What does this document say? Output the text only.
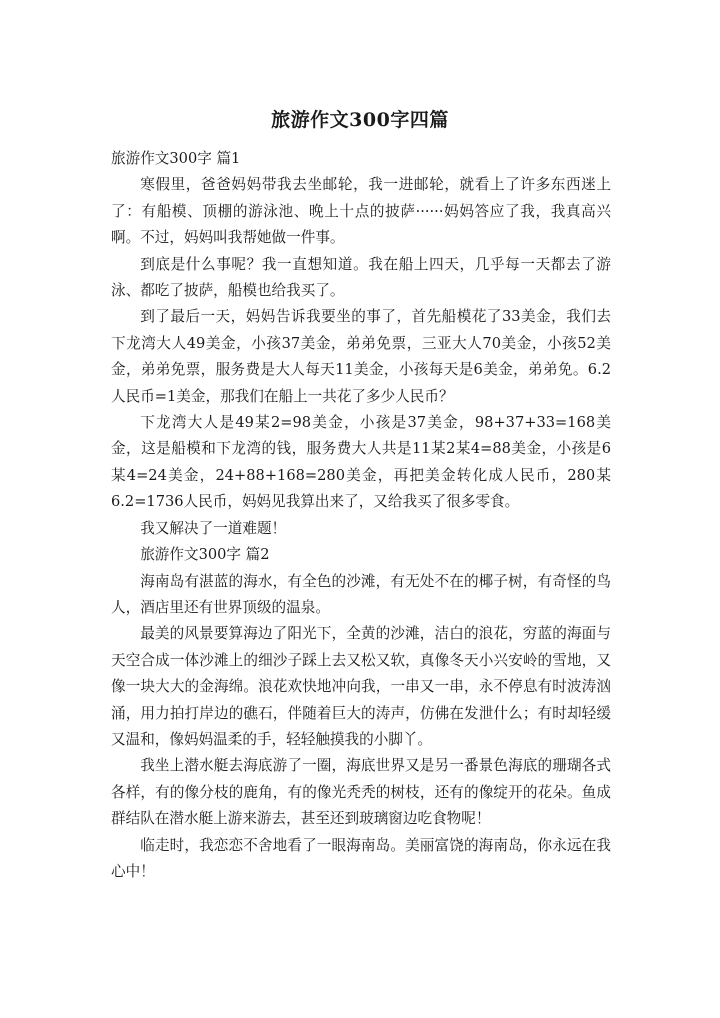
旅游作文300字四篇

旅游作文300字 篇1

寒假里，爸爸妈妈带我去坐邮轮，我一进邮轮，就看上了许多东西迷上了：有船模、顶棚的游泳池、晚上十点的披萨······妈妈答应了我，我真高兴啊。不过，妈妈叫我帮她做一件事。

到底是什么事呢？我一直想知道。我在船上四天，几乎每一天都去了游泳、都吃了披萨，船模也给我买了。

到了最后一天，妈妈告诉我要坐的事了，首先船模花了33美金，我们去下龙湾大人49美金，小孩37美金，弟弟免票，三亚大人70美金，小孩52美金，弟弟免票，服务费是大人每天11美金，小孩每天是6美金，弟弟免。6.2人民币=1美金，那我们在船上一共花了多少人民币？

下龙湾大人是49某2=98美金，小孩是37美金，98+37+33=168美金，这是船模和下龙湾的钱，服务费大人共是11某2某4=88美金，小孩是6某4=24美金，24+88+168=280美金，再把美金转化成人民币，280某6.2=1736人民币，妈妈见我算出来了，又给我买了很多零食。

我又解决了一道难题！

旅游作文300字 篇2

海南岛有湛蓝的海水，有全色的沙滩，有无处不在的椰子树，有奇怪的鸟人，酒店里还有世界顶级的温泉。

最美的风景要算海边了阳光下，全黄的沙滩，洁白的浪花，穷蓝的海面与天空合成一体沙滩上的细沙子踩上去又松又软，真像冬天小兴安岭的雪地，又像一块大大的金海绵。浪花欢快地冲向我，一串又一串，永不停息有时波涛汹涌，用力拍打岸边的礁石，伴随着巨大的涛声，仿佛在发泄什么；有时却轻缓又温和，像妈妈温柔的手，轻轻触摸我的小脚丫。

我坐上潜水艇去海底游了一圈，海底世界又是另一番景色海底的珊瑚各式各样，有的像分枝的鹿角，有的像光秃秃的树枝，还有的像绽开的花朵。鱼成群结队在潜水艇上游来游去，甚至还到玻璃窗边吃食物呢！

临走时，我恋恋不舍地看了一眼海南岛。美丽富饶的海南岛，你永远在我心中！
